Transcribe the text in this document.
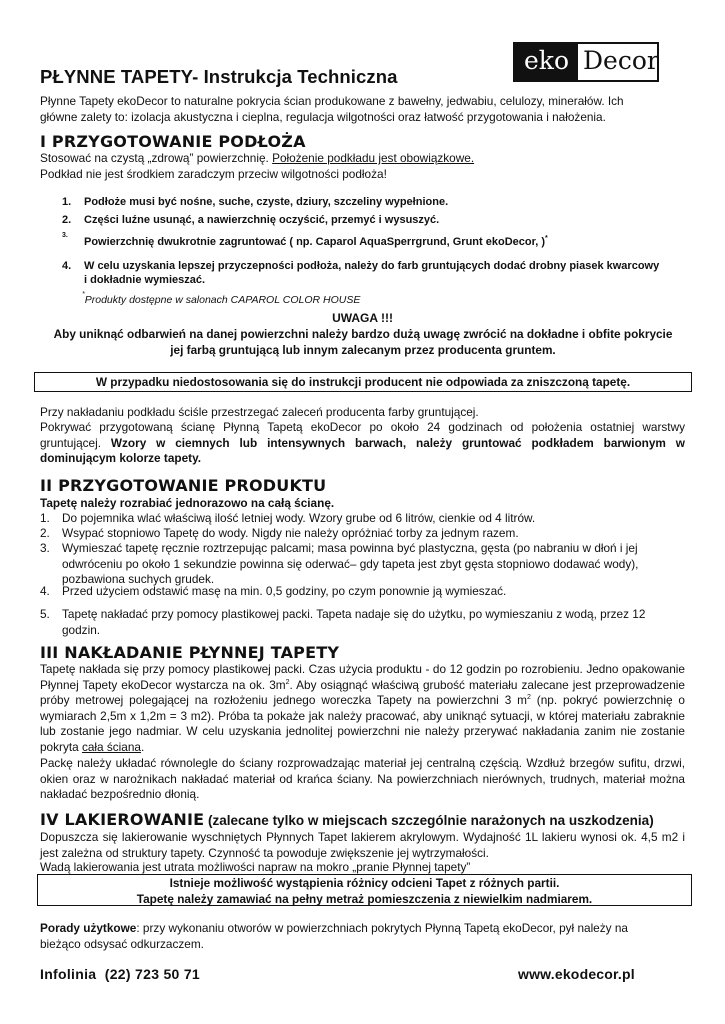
eko Decor
PŁYNNE TAPETY- Instrukcja Techniczna
Płynne Tapety ekoDecor to naturalne pokrycia ścian produkowane z bawełny, jedwabiu, celulozy, minerałów. Ich główne zalety to: izolacja akustyczna i cieplna, regulacja wilgotności oraz łatwość przygotowania i nałożenia.
I PRZYGOTOWANIE PODŁOŻA
Stosować na czystą „zdrową” powierzchnię. Położenie podkładu jest obowiązkowe.
Podkład nie jest środkiem zaradczym przeciw wilgotności podłoża!
1. Podłoże musi być nośne, suche, czyste, dziury, szczeliny wypełnione.
2. Części luźne usunąć, a nawierzchnię oczyścić, przemyć i wysuszyć.
3.
Powierzchnię dwukrotnie zagruntować ( np. Caparol AquaSperrgrund, Grunt ekoDecor, )*
4. W celu uzyskania lepszej przyczepności podłoża, należy do farb gruntujących dodać drobny piasek kwarcowy i dokładnie wymieszać.
*Produkty dostępne w salonach CAPAROL COLOR HOUSE
UWAGA !!!
Aby uniknąć odbarwień na danej powierzchni należy bardzo dużą uwagę zwrócić na dokładne i obfite pokrycie jej farbą gruntującą lub innym zalecanym przez producenta gruntem.
W przypadku niedostosowania się do instrukcji producent nie odpowiada za zniszczoną tapetę.
Przy nakładaniu podkładu ściśle przestrzegać zaleceń producenta farby gruntującej.
Pokrywać przygotowaną ścianę Płynną Tapetą ekoDecor po około 24 godzinach od położenia ostatniej warstwy gruntującej. Wzory w ciemnych lub intensywnych barwach, należy gruntować podkładem barwionym w dominującym kolorze tapety.
II PRZYGOTOWANIE PRODUKTU
Tapetę należy rozrabiać jednorazowo na całą ścianę.
1. Do pojemnika wlać właściwą ilość letniej wody. Wzory grube od 6 litrów, cienkie od 4 litrów.
2. Wsypać stopniowo Tapetę do wody. Nigdy nie należy opróżniać torby za jednym razem.
3. Wymieszać tapetę ręcznie roztrzepując palcami; masa powinna być plastyczna, gęsta (po nabraniu w dłoń i jej odwróceniu po około 1 sekundzie powinna się oderwać– gdy tapeta jest zbyt gęsta stopniowo dodawać wody), pozbawiona suchych grudek.
4. Przed użyciem odstawić masę na min. 0,5 godziny, po czym ponownie ją wymieszać.
5. Tapetę nakładać przy pomocy plastikowej packi. Tapeta nadaje się do użytku, po wymieszaniu z wodą, przez 12 godzin.
III NAKŁADANIE PŁYNNEJ TAPETY
Tapetę nakłada się przy pomocy plastikowej packi. Czas użycia produktu - do 12 godzin po rozrobieniu. Jedno opakowanie Płynnej Tapety ekoDecor wystarcza na ok. $3m^2$. Aby osiągnąć właściwą grubość materiału zalecane jest przeprowadzenie próby metrowej polegającej na rozłożeniu jednego woreczka Tapety na powierzchni 3 $m^2$ (np. pokryć powierzchnię o wymiarach 2,5m x 1,2m = 3 m2). Próba ta pokaże jak należy pracować, aby uniknąć sytuacji, w której materiału zabraknie lub zostanie jego nadmiar. W celu uzyskania jednolitej powierzchni nie należy przerywać nakładania zanim nie zostanie pokryta cała ściana.
Packę należy układać równolegle do ściany rozprowadzając materiał jej centralną częścią. Wzdłuż brzegów sufitu, drzwi, okien oraz w narożnikach nakładać materiał od krańca ściany. Na powierzchniach nierównych, trudnych, materiał można nakładać bezpośrednio dłonią.
IV LAKIEROWANIE (zalecane tylko w miejscach szczególnie narażonych na uszkodzenia)
Dopuszcza się lakierowanie wyschniętych Płynnych Tapet lakierem akrylowym. Wydajność 1L lakieru wynosi ok. 4,5 m2 i jest zależna od struktury tapety. Czynność ta powoduje zwiększenie jej wytrzymałości.
Wadą lakierowania jest utrata możliwości napraw na mokro „pranie Płynnej tapety”
Istnieje możliwość wystąpienia różnicy odcieni Tapet z różnych partii.
Tapetę należy zamawiać na pełny metraż pomieszczenia z niewielkim nadmiarem.
Porady użytkowe: przy wykonaniu otworów w powierzchniach pokrytych Płynną Tapetą ekoDecor, pył należy na bieżąco odsysać odkurzaczem.
Infolinia  (22) 723 50 71	www.ekodecor.pl
